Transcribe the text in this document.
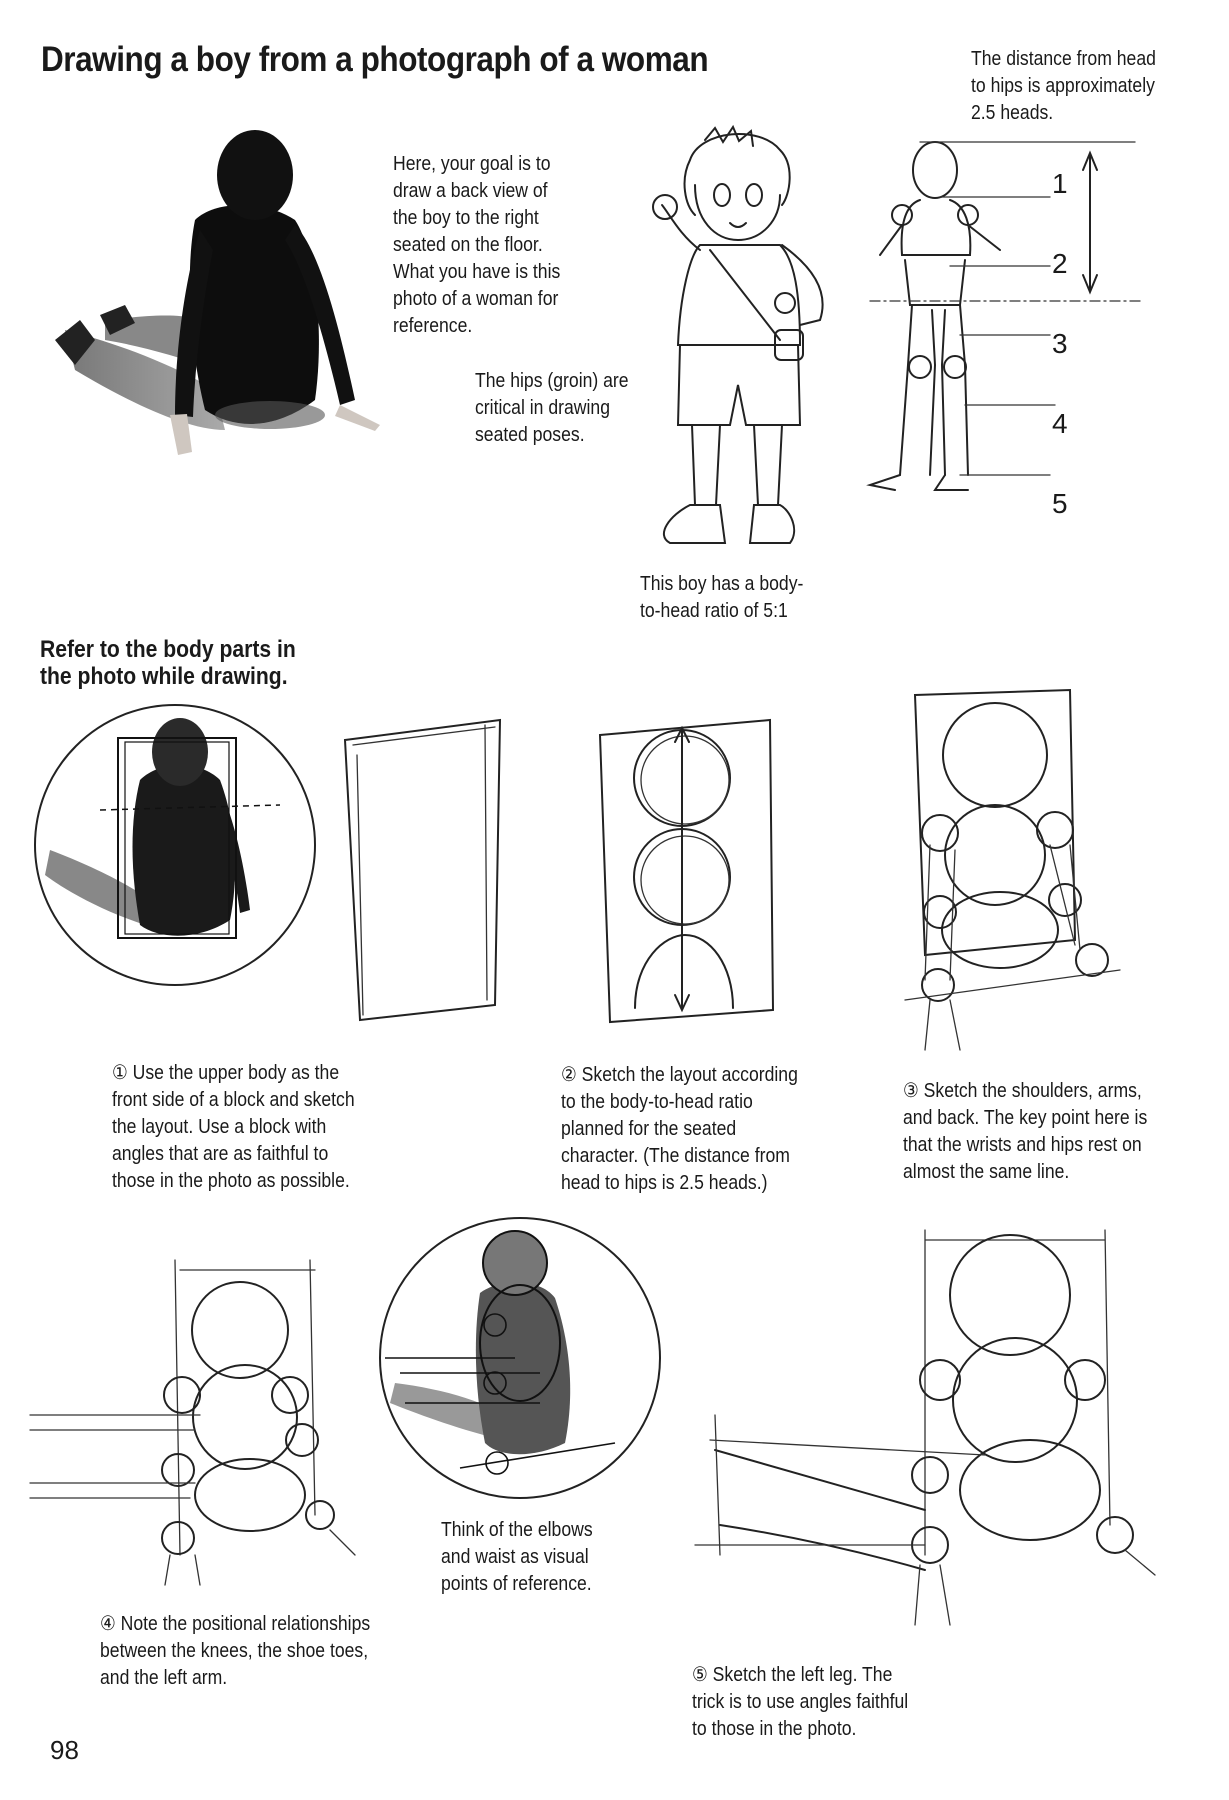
Drawing a boy from a photograph of a woman	The distance from head
to hips is approximately
2.5 heads.
Here, your goal is to
draw a back view of
the boy to the right
seated on the floor.
What you have is this
photo of a woman for
reference.
The hips (groin) are
critical in drawing
seated poses.
This boy has a body-
to-head ratio of 5:1
1
2
3
4
5
Refer to the body parts in
the photo while drawing.
① Use the upper body as the
front side of a block and sketch
the layout. Use a block with
angles that are as faithful to
those in the photo as possible.
② Sketch the layout according
to the body-to-head ratio
planned for the seated
character. (The distance from
head to hips is 2.5 heads.)
③ Sketch the shoulders, arms,
and back. The key point here is
that the wrists and hips rest on
almost the same line.
Think of the elbows
and waist as visual
points of reference.
④ Note the positional relationships
between the knees, the shoe toes,
and the left arm.	⑤ Sketch the left leg. The
trick is to use angles faithful
to those in the photo.
98
